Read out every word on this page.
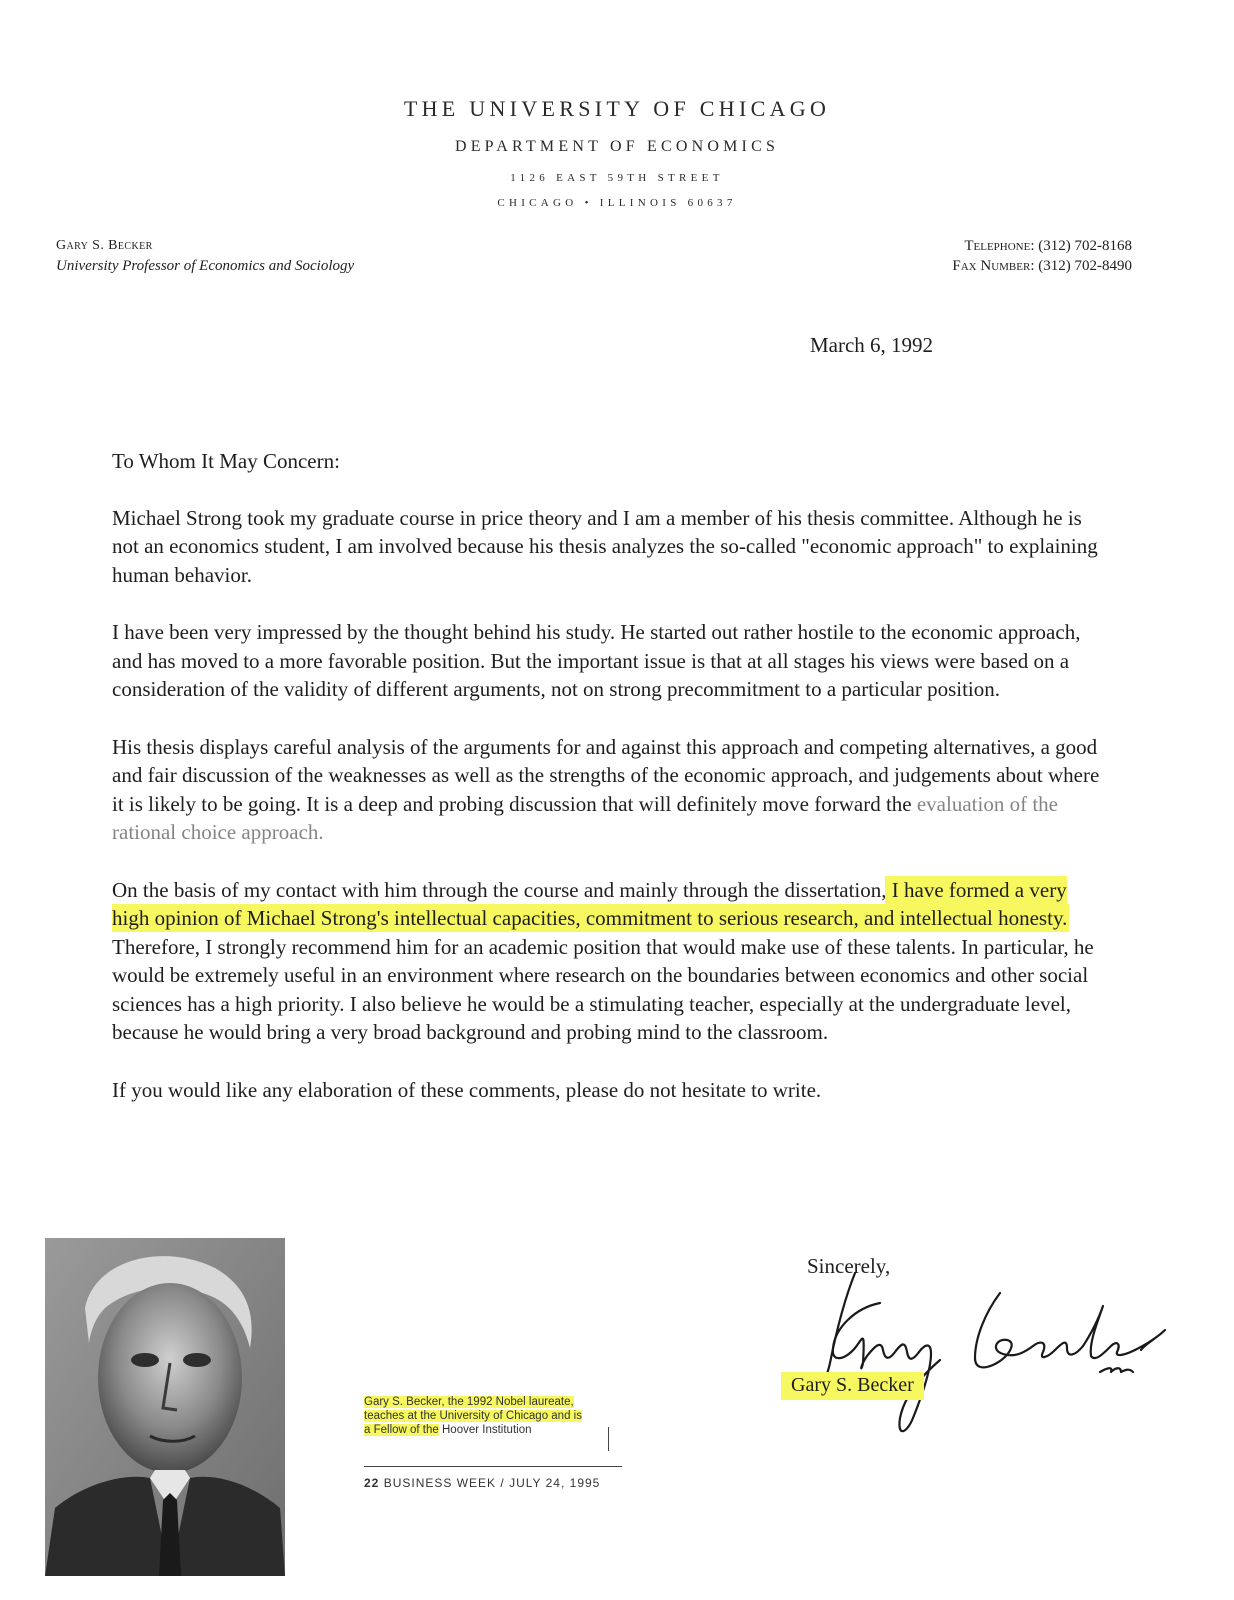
THE UNIVERSITY OF CHICAGO
DEPARTMENT OF ECONOMICS
1126 EAST 59TH STREET
CHICAGO • ILLINOIS 60637
Gary S. Becker
University Professor of Economics and Sociology
Telephone: (312) 702-8168
Fax Number: (312) 702-8490
March 6, 1992

To Whom It May Concern:

Michael Strong took my graduate course in price theory and I am a member of his thesis committee. Although he is not an economics student, I am involved because his thesis analyzes the so-called "economic approach" to explaining human behavior.

I have been very impressed by the thought behind his study. He started out rather hostile to the economic approach, and has moved to a more favorable position. But the important issue is that at all stages his views were based on a consideration of the validity of different arguments, not on strong precommitment to a particular position.

His thesis displays careful analysis of the arguments for and against this approach and competing alternatives, a good and fair discussion of the weaknesses as well as the strengths of the economic approach, and judgements about where it is likely to be going. It is a deep and probing discussion that will definitely move forward the evaluation of the rational choice approach.

On the basis of my contact with him through the course and mainly through the dissertation, I have formed a very high opinion of Michael Strong's intellectual capacities, commitment to serious research, and intellectual honesty. Therefore, I strongly recommend him for an academic position that would make use of these talents. In particular, he would be extremely useful in an environment where research on the boundaries between economics and other social sciences has a high priority. I also believe he would be a stimulating teacher, especially at the undergraduate level, because he would bring a very broad background and probing mind to the classroom.

If you would like any elaboration of these comments, please do not hesitate to write.

Sincerely,
Gary S. Becker
Gary S. Becker, the 1992 Nobel laureate, teaches at the University of Chicago and is a Fellow of the Hoover Institution
22 BUSINESS WEEK / JULY 24, 1995
